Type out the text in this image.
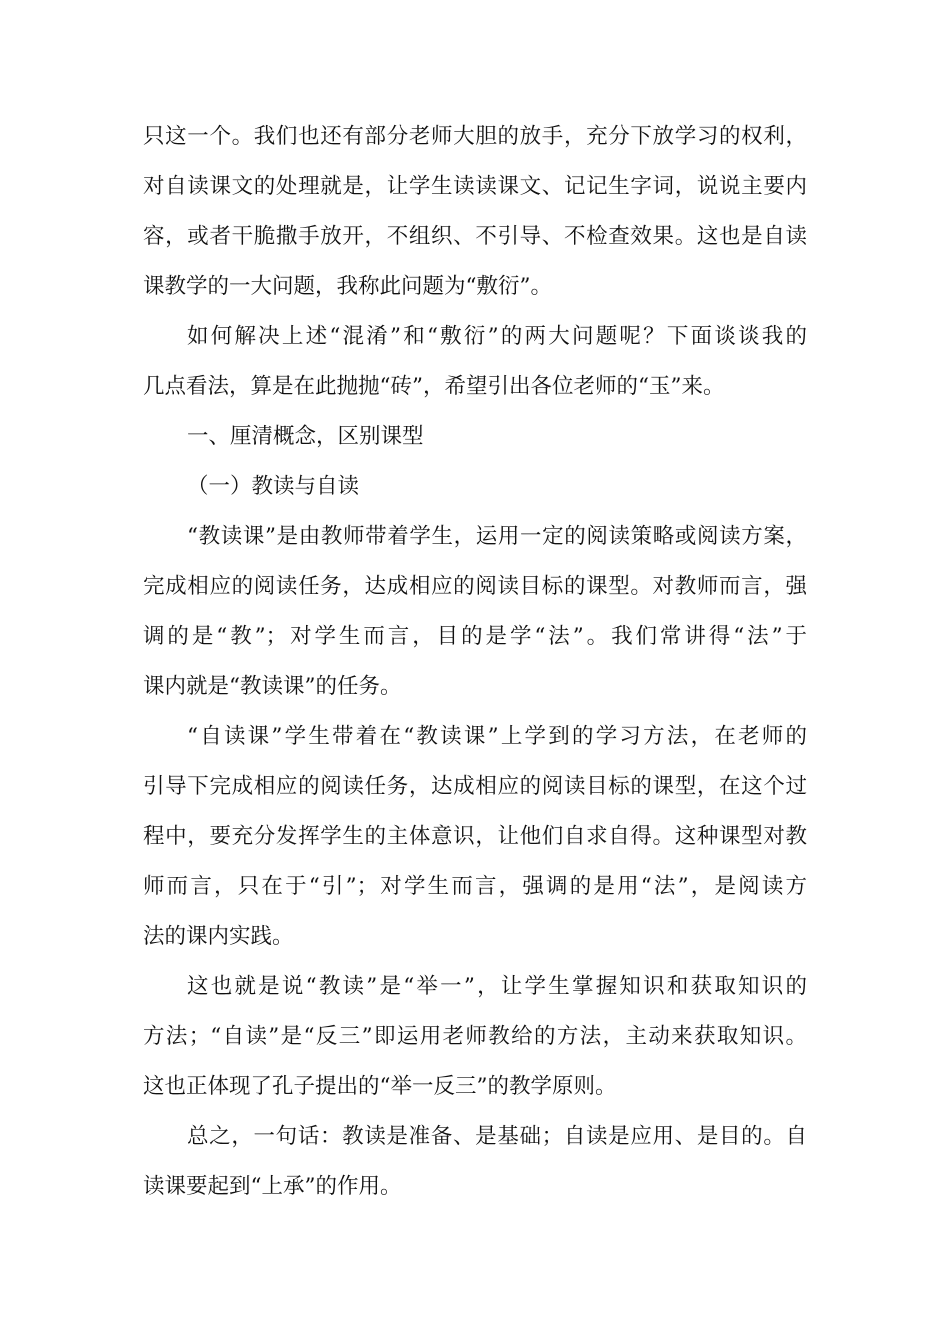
只这一个。我们也还有部分老师大胆的放手，充分下放学习的权利，
对自读课文的处理就是，让学生读读课文、记记生字词，说说主要内
容，或者干脆撒手放开，不组织、不引导、不检查效果。这也是自读
课教学的一大问题，我称此问题为“敷衍”。
如何解决上述“混淆”和“敷衍”的两大问题呢？下面谈谈我的
几点看法，算是在此抛抛“砖”，希望引出各位老师的“玉”来。
一、厘清概念，区别课型
（一）教读与自读
“教读课”是由教师带着学生，运用一定的阅读策略或阅读方案，
完成相应的阅读任务，达成相应的阅读目标的课型。对教师而言，强
调的是“教”；对学生而言，目的是学“法”。我们常讲得“法”于
课内就是“教读课”的任务。
“自读课”学生带着在“教读课”上学到的学习方法，在老师的
引导下完成相应的阅读任务，达成相应的阅读目标的课型，在这个过
程中，要充分发挥学生的主体意识，让他们自求自得。这种课型对教
师而言，只在于“引”；对学生而言，强调的是用“法”，是阅读方
法的课内实践。
这也就是说“教读”是“举一”，让学生掌握知识和获取知识的
方法；“自读”是“反三”即运用老师教给的方法，主动来获取知识。
这也正体现了孔子提出的“举一反三”的教学原则。
总之，一句话：教读是准备、是基础；自读是应用、是目的。自
读课要起到“上承”的作用。
